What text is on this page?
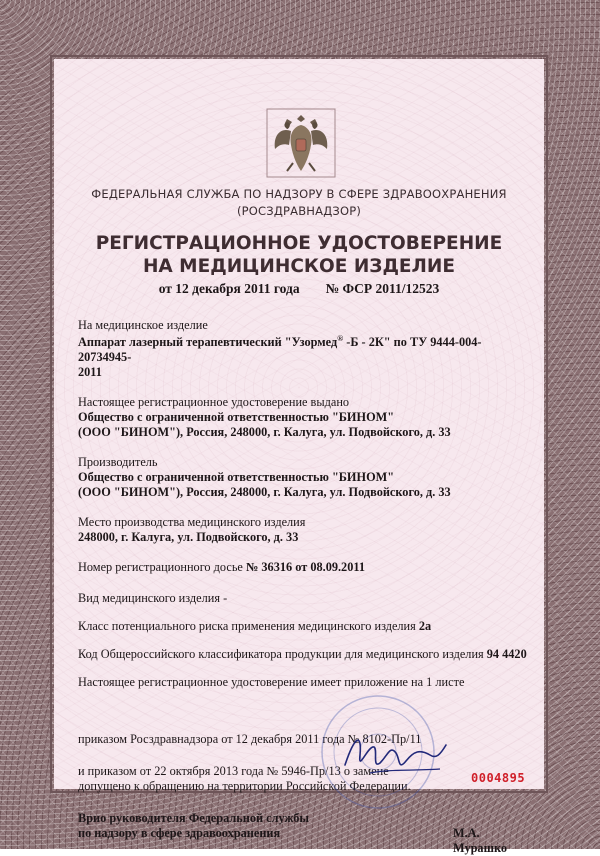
ФЕДЕРАЛЬНАЯ СЛУЖБА ПО НАДЗОРУ В СФЕРЕ ЗДРАВООХРАНЕНИЯ
(РОСЗДРАВНАДЗОР)
РЕГИСТРАЦИОННОЕ УДОСТОВЕРЕНИЕ
НА МЕДИЦИНСКОЕ ИЗДЕЛИЕ
от 12 декабря 2011 года № ФСР 2011/12523

На медицинское изделие

Аппарат лазерный терапевтический "Узормед® -Б - 2К" по ТУ 9444-004-20734945-

2011

Настоящее регистрационное удостоверение выдано

Общество с ограниченной ответственностью "БИНОМ"

(ООО "БИНОМ"), Россия, 248000, г. Калуга, ул. Подвойского, д. 33

Производитель

Общество с ограниченной ответственностью "БИНОМ"

(ООО "БИНОМ"), Россия, 248000, г. Калуга, ул. Подвойского, д. 33

Место производства медицинского изделия

248000, г. Калуга, ул. Подвойского, д. 33

Номер регистрационного досье № 36316 от 08.09.2011

Вид медицинского изделия -

Класс потенциального риска применения медицинского изделия 2а

Код Общероссийского классификатора продукции для медицинского изделия 94 4420

Настоящее регистрационное удостоверение имеет приложение на 1 листе

приказом Росздравнадзора от 12 декабря 2011 года № 8102-Пр/11

и приказом от 22 октября 2013 года № 5946-Пр/13 о замене

допущено к обращению на территории Российской Федерации.

Врио руководителя Федеральной службы

по надзору в сфере здравоохранения	М.А. Мурашко

0004895
